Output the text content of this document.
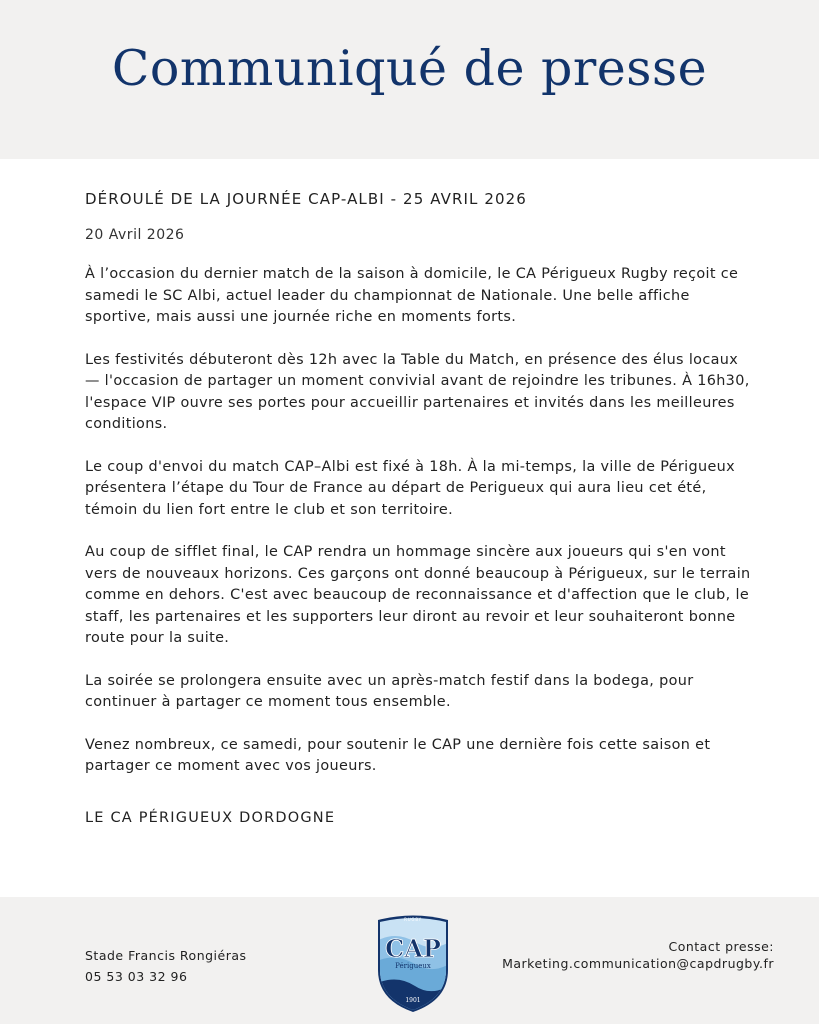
Communiqué de presse

DÉROULÉ DE LA JOURNÉE CAP-ALBI - 25 AVRIL 2026

20 Avril 2026

À l’occasion du dernier match de la saison à domicile, le CA Périgueux Rugby reçoit ce samedi le SC Albi, actuel leader du championnat de Nationale. Une belle affiche sportive, mais aussi une journée riche en moments forts.

Les festivités débuteront dès 12h avec la Table du Match, en présence des élus locaux — l'occasion de partager un moment convivial avant de rejoindre les tribunes. À 16h30, l'espace VIP ouvre ses portes pour accueillir partenaires et invités dans les meilleures conditions.

Le coup d'envoi du match CAP–Albi est fixé à 18h. À la mi-temps, la ville de Périgueux présentera l’étape du Tour de France au départ de Perigueux qui aura lieu cet été, témoin du lien fort entre le club et son territoire.

Au coup de sifflet final, le CAP rendra un hommage sincère aux joueurs qui s'en vont vers de nouveaux horizons. Ces garçons ont donné beaucoup à Périgueux, sur le terrain comme en dehors. C'est avec beaucoup de reconnaissance et d'affection que le club, le staff, les partenaires et les supporters leur diront au revoir et leur souhaiteront bonne route pour la suite.

La soirée se prolongera ensuite avec un après-match festif dans la bodega, pour continuer à partager ce moment tous ensemble.

Venez nombreux, ce samedi, pour soutenir le CAP une dernière fois cette saison et partager ce moment avec vos joueurs.

LE CA PÉRIGUEUX DORDOGNE

Stade Francis Rongiéras
05 53 03 32 96
RUGBY
CAP
Périgueux
1901
Contact presse:
Marketing.communication@capdrugby.fr
